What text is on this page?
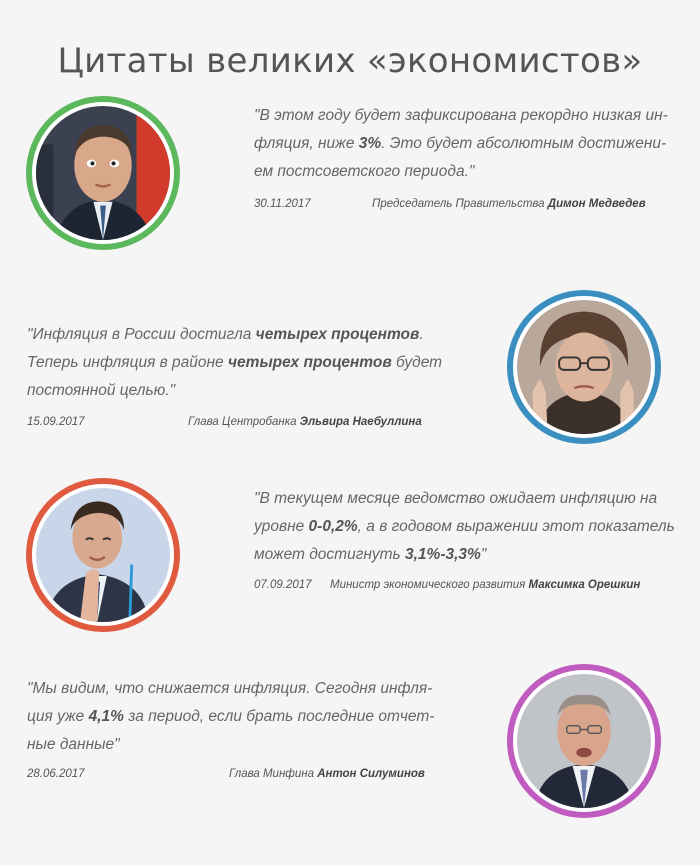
Цитаты великих «экономистов»
"В этом году будет зафиксирована рекордно низкая ин-
фляция, ниже 3%. Это будет абсолютным достижени-
ем постсоветского периода."
30.11.2017	Председатель Правительства Димон Медведев
"Инфляция в России достигла четырех процентов.
Теперь инфляция в районе четырех процентов будет
постоянной целью."
15.09.2017	Глава Центробанка Эльвира Наебуллина
"В текущем месяце ведомство ожидает инфляцию на
уровне 0-0,2%, а в годовом выражении этот показатель
может достигнуть 3,1%-3,3%"
07.09.2017 Министр экономического развития Максимка Орешкин
"Мы видим, что снижается инфляция. Сегодня инфля-
ция уже 4,1% за период, если брать последние отчет-
ные данные"
28.06.2017	Глава Минфина Антон Силуминов
